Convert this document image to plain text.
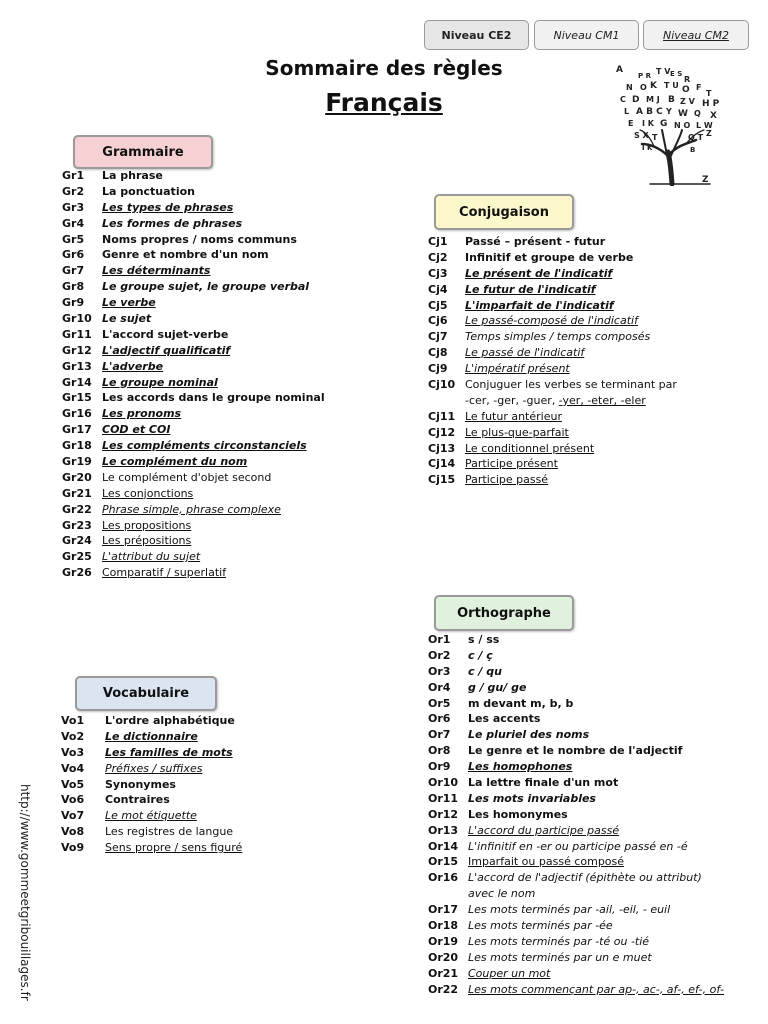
Niveau CE2	Niveau CM1	Niveau CM2
Sommaire des règles
Français
A
Z
P R T V E S
R
N O K T U O F
T
C D M J B Z V H P
L A B C Y W Q X
E I K G N O L W
S X T	Q T Z
I K	B
Grammaire
Gr1 La phrase
Gr2 La ponctuation
Gr3 Les types de phrases
Gr4 Les formes de phrases
Gr5 Noms propres / noms communs
Gr6 Genre et nombre d'un nom
Gr7 Les déterminants
Gr8 Le groupe sujet, le groupe verbal
Gr9 Le verbe
Gr10 Le sujet
Gr11 L'accord sujet-verbe
Gr12 L'adjectif qualificatif
Gr13 L'adverbe
Gr14 Le groupe nominal
Gr15 Les accords dans le groupe nominal
Gr16 Les pronoms
Gr17 COD et COI
Gr18 Les compléments circonstanciels
Gr19 Le complément du nom
Gr20 Le complément d'objet second
Gr21 Les conjonctions
Gr22 Phrase simple, phrase complexe
Gr23 Les propositions
Gr24 Les prépositions
Gr25 L'attribut du sujet
Gr26 Comparatif / superlatif
Conjugaison
Cj1 Passé – présent - futur
Cj2 Infinitif et groupe de verbe
Cj3 Le présent de l'indicatif
Cj4 Le futur de l'indicatif
Cj5 L'imparfait de l'indicatif
Cj6 Le passé-composé de l'indicatif
Cj7 Temps simples / temps composés
Cj8 Le passé de l'indicatif
Cj9 L'impératif présent
Cj10 Conjuguer les verbes se terminant par
-cer, -ger, -guer, -yer, -eter, -eler
Cj11 Le futur antérieur
Cj12 Le plus-que-parfait
Cj13 Le conditionnel présent
Cj14 Participe présent
Cj15 Participe passé
Vocabulaire
Vo1 L'ordre alphabétique
Vo2 Le dictionnaire
Vo3 Les familles de mots
Vo4 Préfixes / suffixes
Vo5 Synonymes
Vo6 Contraires
Vo7 Le mot étiquette
Vo8 Les registres de langue
Vo9 Sens propre / sens figuré
Orthographe
Or1 s / ss
Or2 c / ç
Or3 c / qu
Or4 g / gu/ ge
Or5 m devant m, b, b
Or6 Les accents
Or7 Le pluriel des noms
Or8 Le genre et le nombre de l'adjectif
Or9 Les homophones
Or10 La lettre finale d'un mot
Or11 Les mots invariables
Or12 Les homonymes
Or13 L'accord du participe passé
Or14 L'infinitif en -er ou participe passé en -é
Or15 Imparfait ou passé composé
Or16 L'accord de l'adjectif (épithète ou attribut)
avec le nom
Or17 Les mots terminés par -ail, -eil, - euil
Or18 Les mots terminés par -ée
Or19 Les mots terminés par -té ou -tié
Or20 Les mots terminés par un e muet
Or21 Couper un mot
Or22 Les mots commençant par ap-, ac-, af-, ef-, of-
http://www.gommeetgribouillages.fr
